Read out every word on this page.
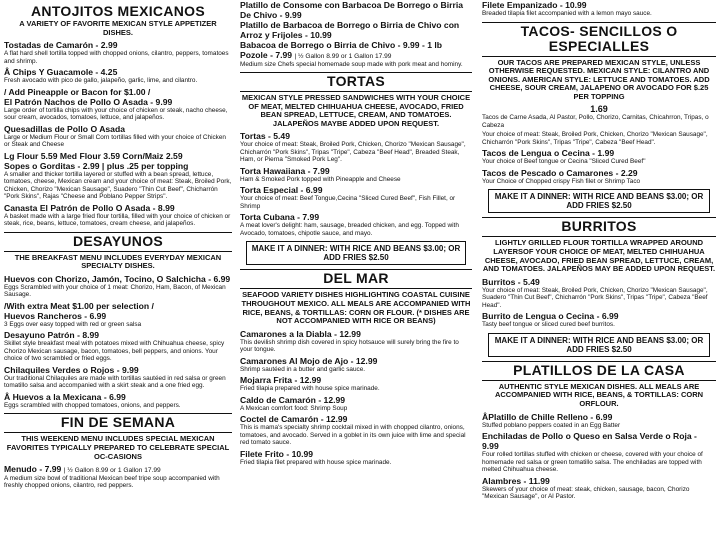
ANTOJITOS MEXICANOS
A VARIETY OF FAVORITE MEXICAN STYLE APPETIZER DISHES.
Tostadas de Camarón - 2.99
A flat hard shell tortilla topped with chopped onions, cilantro, peppers, tomatoes and shrimp.
Â Chips Y Guacamole - 4.25
Fresh avocado with pico de gallo, jalapeño, garlic, lime, and cilantro.
/ Add Pineapple or Bacon for $1.00 /
El Patrón Nachos de Pollo O Asada - 9.99
Large order of tortilla chips with your choice of chicken or steak, nacho cheese, sour cream, avocados, tomatoes, lettuce, and jalapeños.
Quesadillas de Pollo O Asada
Large or Medium Flour or Small Corn tortillas filled with your choice of Chicken or Steak and Cheese
Lg Flour 5.59 Med Flour 3.59 Corn/Maiz 2.59
Sopes o Gorditas - 2.99 | plus .25 per topping
A smaller and thicker tortilla layered or stuffed with a bean spread, lettuce, tomatoes, cheese, Mexican cream and your choice of meat: Steak, Broiled Pork, Chicken, Chorizo "Mexican Sausage", Suadero "Thin Cut Beef", Chicharrón "Pork Skins", Rajas "Cheese and Poblano Pepper Strips".
Canasta El Patrón de Pollo O Asada - 8.99
A basket made with a large fried flour tortilla, filled with your choice of chicken or steak, rice, beans, lettuce, tomatoes, cream cheese, and jalapeños.
DESAYUNOS
THE BREAKFAST MENU INCLUDES EVERYDAY MEXICAN SPECIALTY DISHES.
Huevos con Chorizo, Jamón, Tocino, O Salchicha - 6.99
Eggs Scrambled with your choice of 1 meat: Chorizo, Ham, Bacon, of Mexican Sausage.
/With extra Meat $1.00 per selection /
Huevos Rancheros - 6.99
3 Eggs over easy topped with red or green salsa
Desayuno Patrón - 8.99
Skillet style breakfast meal with potatoes mixed with Chihuahua cheese, spicy Chorizo Mexican sausage, bacon, tomatoes, bell peppers, and onions. Your choice of two scrambled or fried eggs.
Chilaquiles Verdes o Rojos - 9.99
Our traditional Chilaquiles are made with tortillas sautéed in red salsa or green tomatillo salsa and accompanied with a skirt steak and a one fried egg.
Â Huevos a la Mexicana - 6.99
Eggs scrambled with chopped tomatoes, onions, and peppers.
FIN DE SEMANA
THIS WEEKEND MENU INCLUDES SPECIAL MEXICAN FAVORITES TYPICALLY PREPARED TO CELEBRATE SPECIAL OC-CASIONS
Menudo - 7.99 | ½ Gallon 8.99 or 1 Gallon 17.99
A medium size bowl of traditional Mexican beef tripe soup accompanied with freshly chopped onions, cilantro, red peppers.
Platillo de Consome con Barbacoa De Borrego o Birria De Chivo - 9.99
Platillo de Barbacoa de Borrego o Birria de Chivo con Arroz y Frijoles - 10.99
Babacoa de Borrego o Birria de Chivo - 9.99 - 1 lb
Pozole - 7.99 | ½ Gallon 8.99 or 1 Gallon 17.99
Medium size Chefs special homemade soup made with pork meat and hominy.
TORTAS
MEXICAN STYLE PRESSED SANDWICHES WITH YOUR CHOICE OF MEAT, MELTED CHIHUAHUA CHEESE, AVOCADO, FRIED BEAN SPREAD, LETTUCE, CREAM, AND TOMATOES. JALAPEÑOS MAYBE ADDED UPON REQUEST.
Tortas - 5.49
Your choice of meat: Steak, Broiled Pork, Chicken, Chorizo "Mexican Sausage", Chicharrón "Pork Skins", Tripas "Tripe", Cabeza "Beef Head", Breaded Steak, Ham, or Pierna "Smoked Pork Leg".
Torta Hawaiiana - 7.99
Ham & Smoked Pork topped with Pineapple and Cheese
Torta Especial - 6.99
Your choice of meat: Beef Tongue,Cecina "Sliced Cured Beef", Fish Fillet, or Shrimp
Torta Cubana - 7.99
A meat lover's delight: ham, sausage, breaded chicken, and egg. Topped with Avocado, tomatoes, chipotle sauce, and mayo.
MAKE IT A DINNER: WITH RICE AND BEANS $3.00; OR ADD FRIES $2.50
DEL MAR
SEAFOOD VARIETY DISHES HIGHLIGHTING COASTAL CUISINE THROUGHOUT MEXICO. ALL MEALS ARE ACCOMPANIED WITH RICE, BEANS, & TORTILLAS: CORN OR FLOUR. (* DISHES ARE NOT ACCOMPANIED WITH RICE OR BEANS)
Camarones a la Diabla - 12.99
This devilish shrimp dish covered in spicy hotsauce will surely bring the fire to your tongue.
Camarones Al Mojo de Ajo - 12.99
Shrimp sautéed in a butter and garlic sauce.
Mojarra Frita - 12.99
Fried tilapia prepared with house spice marinade.
Caldo de Camarón - 12.99
A Mexican comfort food: Shrimp Soup
Coctel de Camarón - 12.99
This is mama's specialty shrimp cocktail mixed in with chopped cilantro, onions, tomatoes, and avocado. Served in a goblet in its own juice with lime and special red tomato sauce.
Filete Frito - 10.99
Fried tilapia filet prepared with house spice marinade.
Filete Empanizado - 10.99
Breaded tilapia filet accompanied with a lemon mayo sauce.
TACOS- SENCILLOS O ESPECIALLES
OUR TACOS ARE PREPARED MEXICAN STYLE, UNLESS OTHERWISE REQUESTED. MEXICAN STYLE: CILANTRO AND ONIONS. AMERICAN STYLE: LETTUCE AND TOMATOES. ADD CHEESE, SOUR CREAM, JALAPENO OR AVOCADO FOR $.25 PER TOPPING
1.69
Tacos de Carne Asada, Al Pastor, Pollo, Chorizo, Carnitas, Chicahrron, Tripas, o Cabeza
Your choice of meat: Steak, Broiled Pork, Chicken, Chorizo "Mexican Sausage", Chicharrón "Pork Skins", Tripas "Tripe", Cabeza "Beef Head".
Tacos de Lengua o Cecina - 1.99
Your choice of Beef tongue or Cecina "Sliced Cured Beef"
Tacos de Pescado o Camarones - 2.29
Your Choice of Chopped crispy Fish filet or Shrimp Taco
MAKE IT A DINNER: WITH RICE AND BEANS $3.00; OR ADD FRIES $2.50
BURRITOS
LIGHTLY GRILLED FLOUR TORTILLA WRAPPED AROUND LAYERSOF YOUR CHOICE OF MEAT, MELTED CHIHUAHUA CHEESE, AVOCADO, FRIED BEAN SPREAD, LETTUCE, CREAM, AND TOMATOES. JALAPEÑOS MAY BE ADDED UPON REQUEST.
Burritos - 5.49
Your choice of meat: Steak, Broiled Pork, Chicken, Chorizo "Mexican Sausage", Suadero "Thin Cut Beef", Chicharrón "Pork Skins", Tripas "Tripe", Cabeza "Beef Head".
Burrito de Lengua o Cecina - 6.99
Tasty beef tongue or sliced cured beef burritos.
MAKE IT A DINNER: WITH RICE AND BEANS $3.00; OR ADD FRIES $2.50
PLATILLOS DE LA CASA
AUTHENTIC STYLE MEXICAN DISHES. ALL MEALS ARE ACCOMPANIED WITH RICE, BEANS, & TORTILLAS: CORN ORFLOUR.
ÂPlatillo de Chille Relleno - 6.99
Stuffed poblano peppers coated in an Egg Batter
Enchiladas de Pollo o Queso en Salsa Verde o Roja - 9.99
Four rolled tortillas stuffed with chicken or cheese, covered with your choice of homemade red salsa or green tomatillo salsa. The enchiladas are topped with melted Chihuahua cheese.
Alambres - 11.99
Skewers of your choice of meat: steak, chicken, sausage, bacon, Chorizo "Mexican Sausage", or Al Pastor.
